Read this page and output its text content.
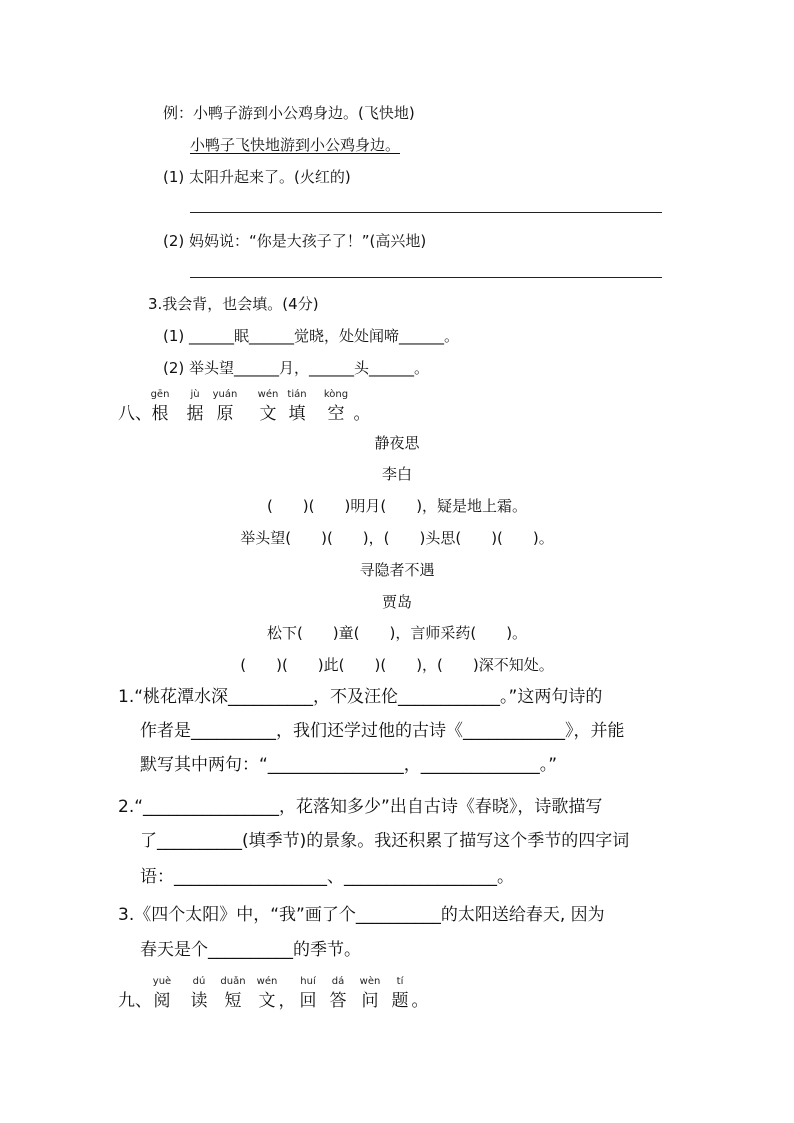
例：小鸭子游到小公鸡身边。(飞快地)
小鸭子飞快地游到小公鸡身边。
(1) 太阳升起来了。(火红的)
(2) 妈妈说：“你是大孩子了！”(高兴地)
3.我会背，也会填。(4分)
(1) ______眠______觉晓，处处闻啼______。
(2) 举头望______月，______头______。
八、
静夜思
李白
(　　)(　　)明月(　　)，疑是地上霜。
举头望(　　)(　　)，(　　)头思(　　)(　　)。
寻隐者不遇
贾岛
松下(　　)童(　　)，言师采药(　　)。
(　　)(　　)此(　　)(　　)，(　　)深不知处。
1.“桃花潭水深__________，不及汪伦____________。”这两句诗的
作者是__________，我们还学过他的古诗《____________》，并能
默写其中两句：“________________，______________。”
2.“________________，花落知多少”出自古诗《春晓》，诗歌描写
了__________(填季节)的景象。我还积累了描写这个季节的四字词
语：__________________、__________________。
3.《四个太阳》中，“我”画了个__________的太阳送给春天, 因为
春天是个__________的季节。
九、
gēn
根
jù
据
yuán
原
wén
文
tián
填
kòng
空 。
yuè
阅
dú
读
duǎn
短
wén
文 ，
huí
回
dá
答
wèn
问
tí
题 。
